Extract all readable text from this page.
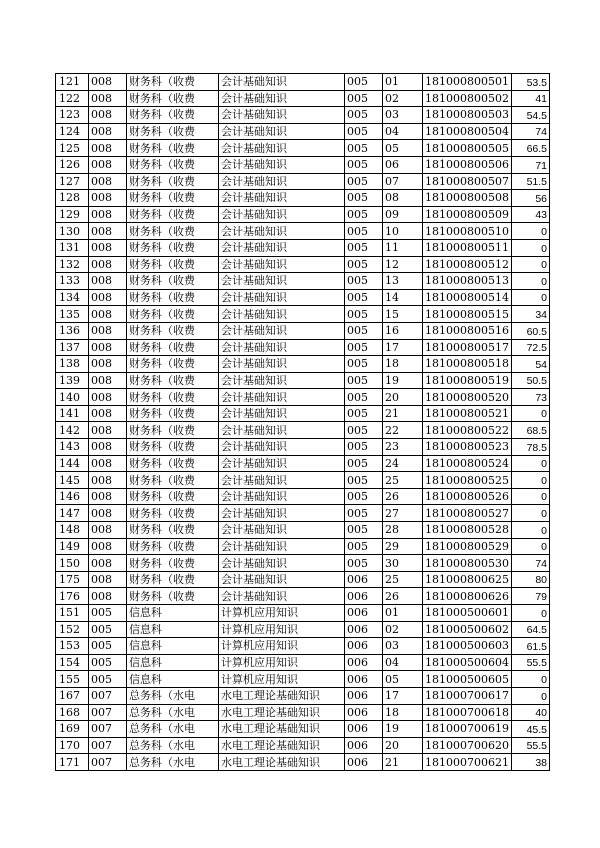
121	008	财务科（收费	会计基础知识	005	01	181000800501	53.5
122	008	财务科（收费	会计基础知识	005	02	181000800502	41
123	008	财务科（收费	会计基础知识	005	03	181000800503	54.5
124	008	财务科（收费	会计基础知识	005	04	181000800504	74
125	008	财务科（收费	会计基础知识	005	05	181000800505	66.5
126	008	财务科（收费	会计基础知识	005	06	181000800506	71
127	008	财务科（收费	会计基础知识	005	07	181000800507	51.5
128	008	财务科（收费	会计基础知识	005	08	181000800508	56
129	008	财务科（收费	会计基础知识	005	09	181000800509	43
130	008	财务科（收费	会计基础知识	005	10	181000800510	0
131	008	财务科（收费	会计基础知识	005	11	181000800511	0
132	008	财务科（收费	会计基础知识	005	12	181000800512	0
133	008	财务科（收费	会计基础知识	005	13	181000800513	0
134	008	财务科（收费	会计基础知识	005	14	181000800514	0
135	008	财务科（收费	会计基础知识	005	15	181000800515	34
136	008	财务科（收费	会计基础知识	005	16	181000800516	60.5
137	008	财务科（收费	会计基础知识	005	17	181000800517	72.5
138	008	财务科（收费	会计基础知识	005	18	181000800518	54
139	008	财务科（收费	会计基础知识	005	19	181000800519	50.5
140	008	财务科（收费	会计基础知识	005	20	181000800520	73
141	008	财务科（收费	会计基础知识	005	21	181000800521	0
142	008	财务科（收费	会计基础知识	005	22	181000800522	68.5
143	008	财务科（收费	会计基础知识	005	23	181000800523	78.5
144	008	财务科（收费	会计基础知识	005	24	181000800524	0
145	008	财务科（收费	会计基础知识	005	25	181000800525	0
146	008	财务科（收费	会计基础知识	005	26	181000800526	0
147	008	财务科（收费	会计基础知识	005	27	181000800527	0
148	008	财务科（收费	会计基础知识	005	28	181000800528	0
149	008	财务科（收费	会计基础知识	005	29	181000800529	0
150	008	财务科（收费	会计基础知识	005	30	181000800530	74
175	008	财务科（收费	会计基础知识	006	25	181000800625	80
176	008	财务科（收费	会计基础知识	006	26	181000800626	79
151	005	信息科	计算机应用知识	006	01	181000500601	0
152	005	信息科	计算机应用知识	006	02	181000500602	64.5
153	005	信息科	计算机应用知识	006	03	181000500603	61.5
154	005	信息科	计算机应用知识	006	04	181000500604	55.5
155	005	信息科	计算机应用知识	006	05	181000500605	0
167	007	总务科（水电	水电工理论基础知识	006	17	181000700617	0
168	007	总务科（水电	水电工理论基础知识	006	18	181000700618	40
169	007	总务科（水电	水电工理论基础知识	006	19	181000700619	45.5
170	007	总务科（水电	水电工理论基础知识	006	20	181000700620	55.5
171	007	总务科（水电	水电工理论基础知识	006	21	181000700621	38
